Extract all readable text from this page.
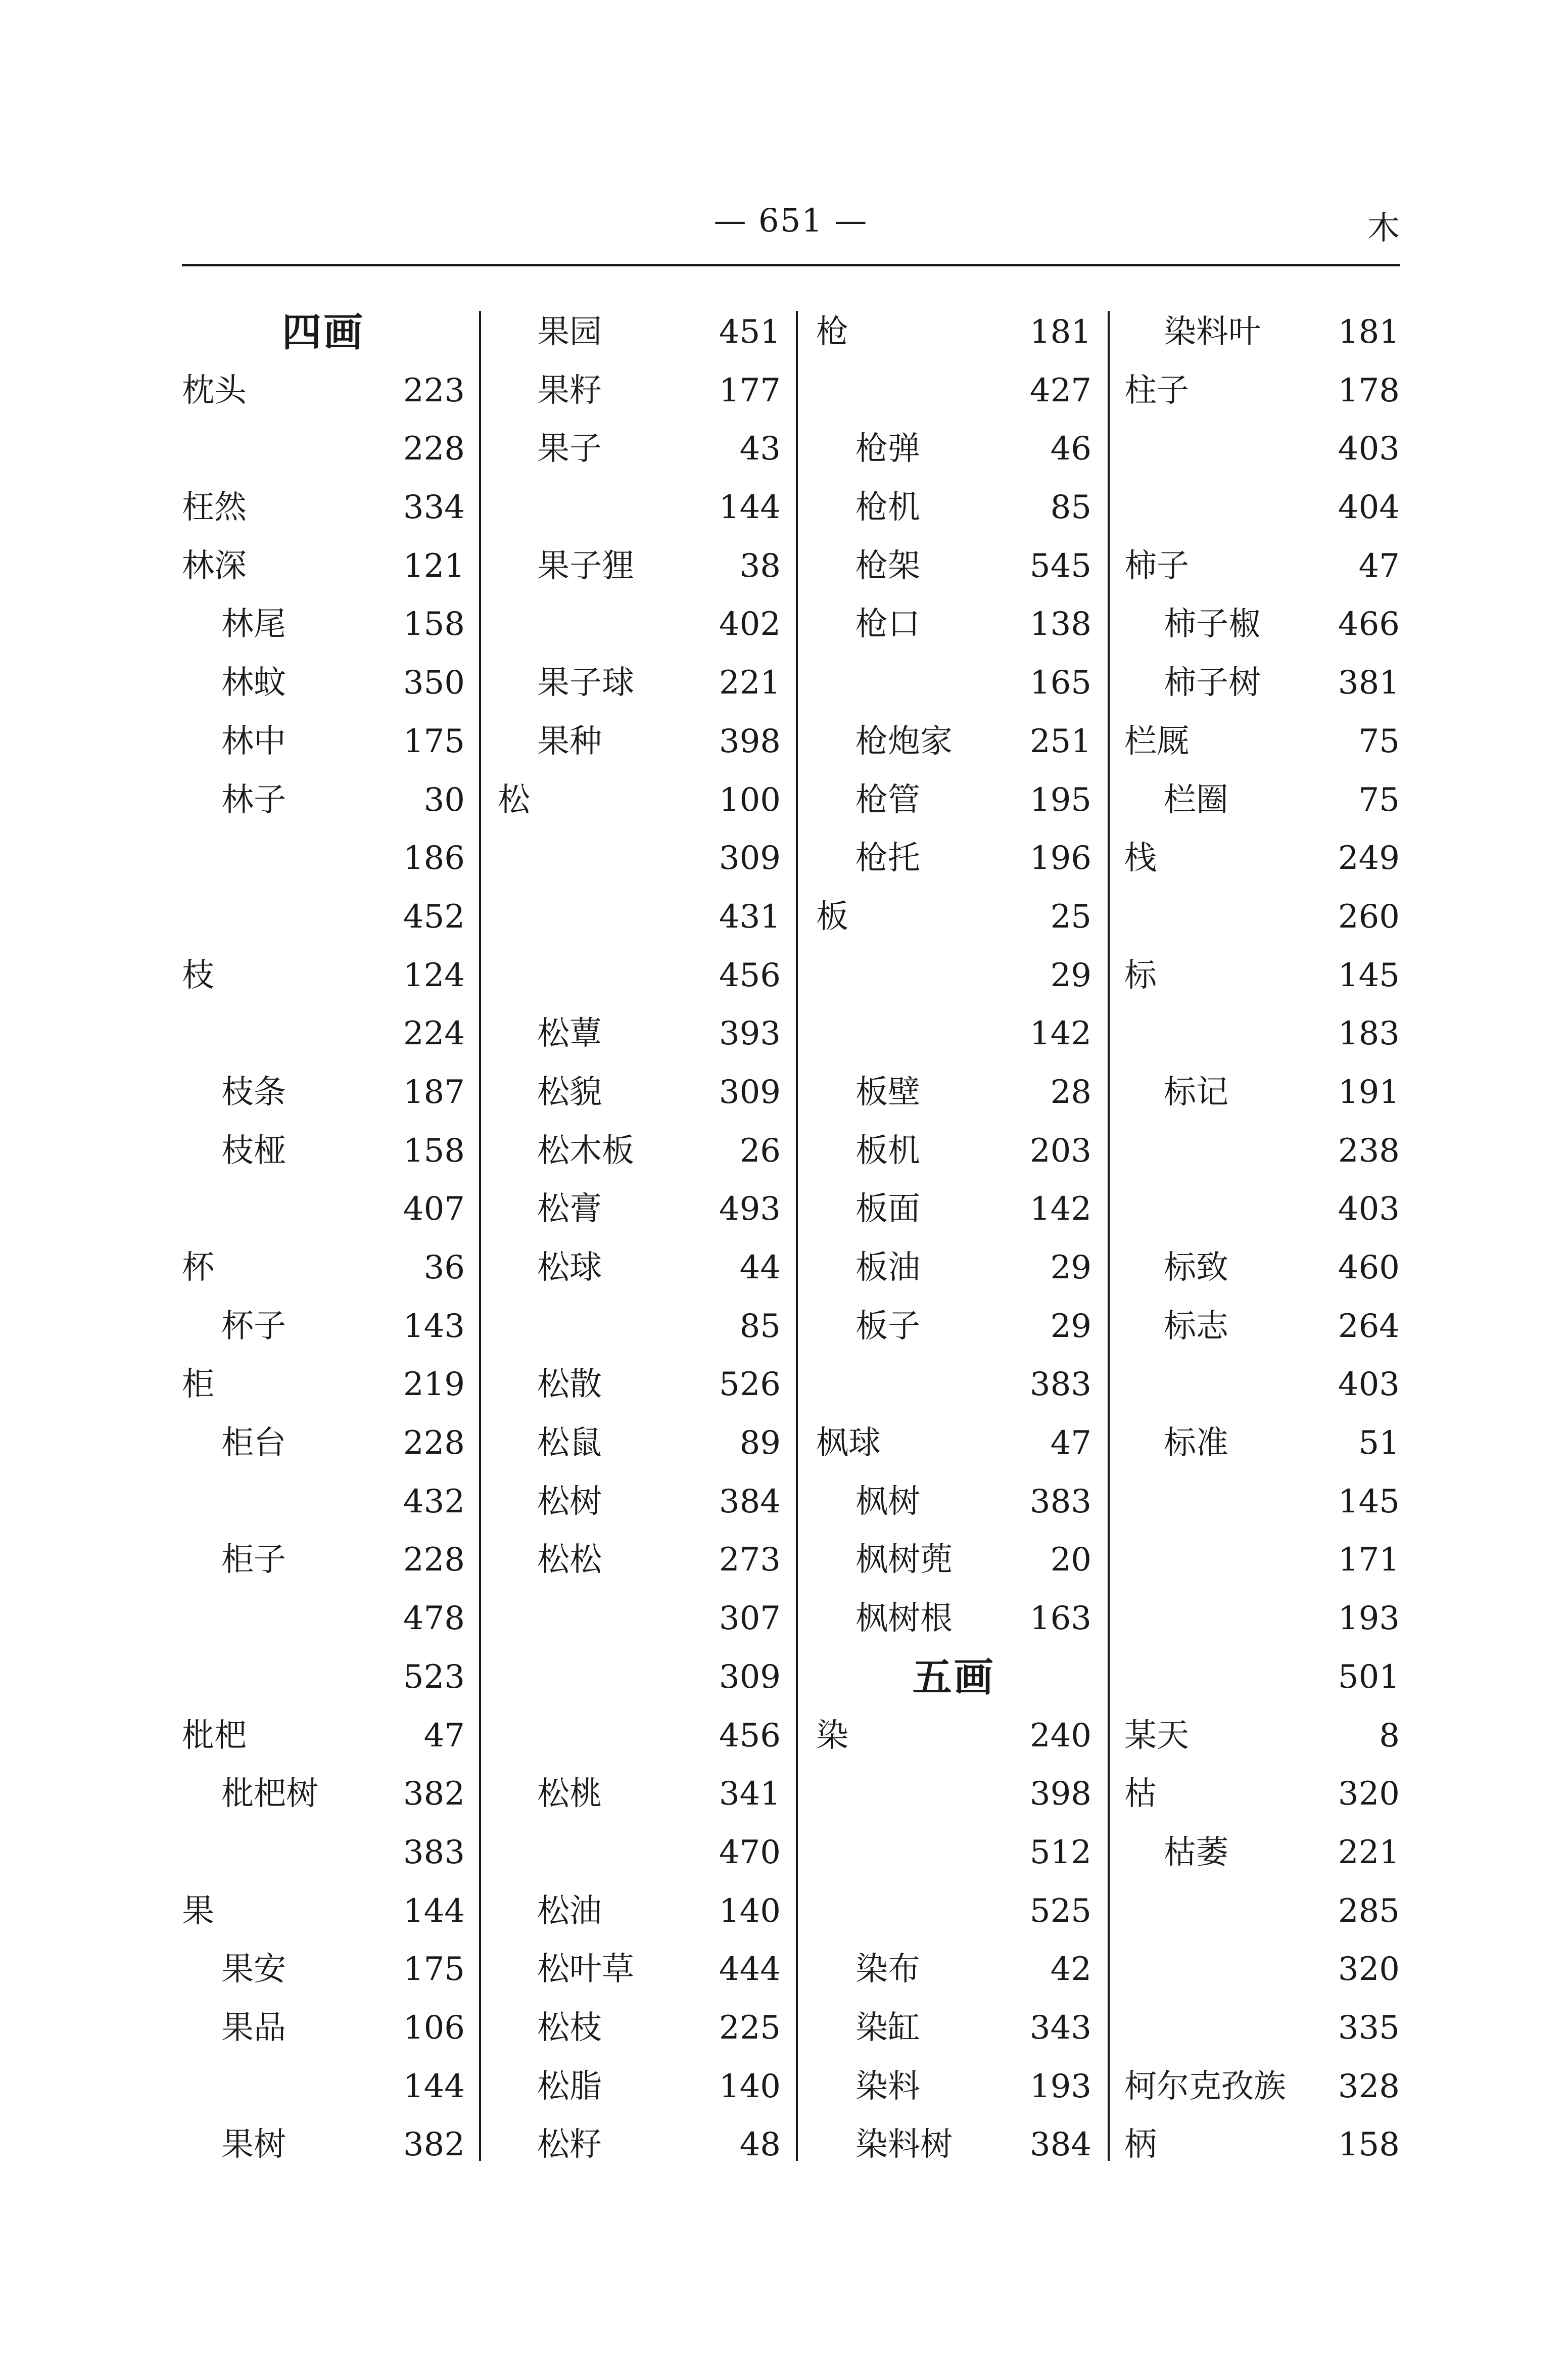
— 651 —	木
四画
枕头	223
228
枉然	334
林深	121
林尾	158
林蚊	350
林中	175
林子	30
186
452
枝	124
224
枝条	187
枝桠	158
407
杯	36
杯子	143
柜	219
柜台	228
432
柜子	228
478
523
枇杷	47
枇杷树	382
383
果	144
果安	175
果品	106
144
果树	382
果园	451
果籽	177
果子	43
144
果子狸	38
402
果子球	221
果种	398
松	100
309
431
456
松蕈	393
松貌	309
松木板	26
松膏	493
松球	44
85
松散	526
松鼠	89
松树	384
松松	273
307
309
456
松桃	341
470
松油	140
松叶草	444
松枝	225
松脂	140
松籽	48
枪	181
427
枪弹	46
枪机	85
枪架	545
枪口	138
165
枪炮家 251
枪管	195
枪托	196
板	25
29
142
板壁	28
板机	203
板面	142
板油	29
板子	29
383
枫球	47
枫树	383
枫树蔸	20
枫树根 163
五画
染	240
398
512
525
染布	42
染缸	343
染料	193
染料树 384
染料叶 181
柱子	178
403
404
柿子	47
柿子椒 466
柿子树 381
栏厩	75
栏圈	75
栈	249
260
标	145
183
标记	191
238
403
标致	460
标志	264
403
标准	51
145
171
193
501
某天	8
枯	320
枯萎	221
285
320
335
柯尔克孜族 328
柄	158
